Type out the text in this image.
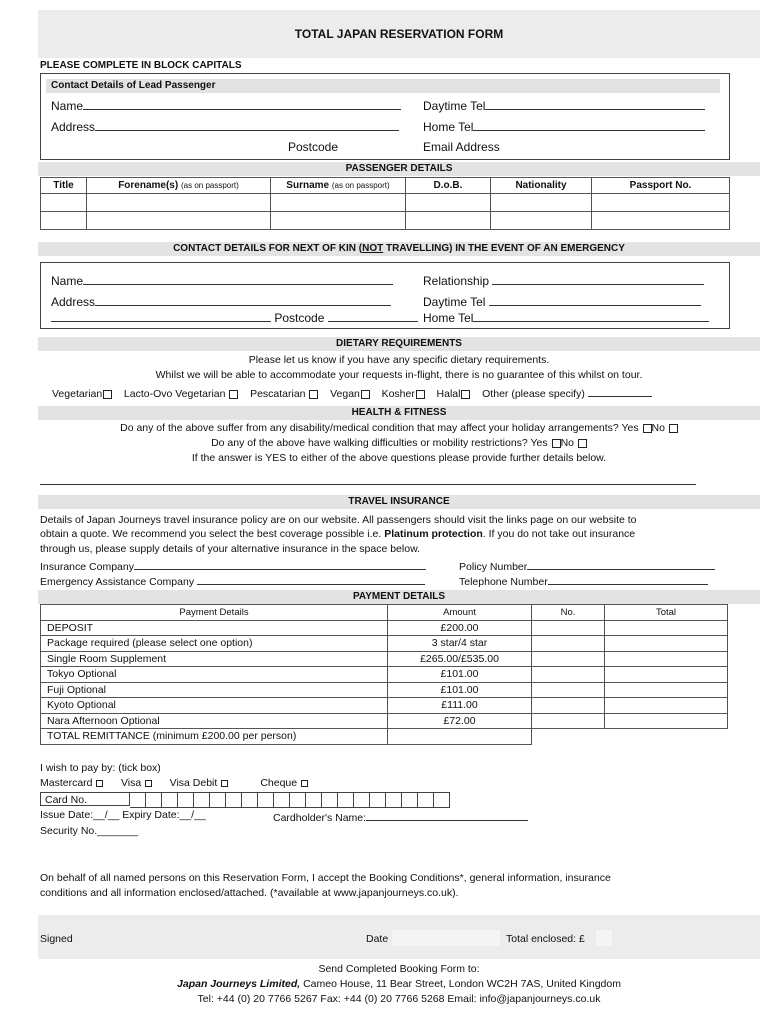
TOTAL JAPAN RESERVATION FORM
PLEASE COMPLETE IN BLOCK CAPITALS
Contact Details of Lead Passenger
Name	Daytime Tel
Address	Home Tel
Postcode	Email Address
PASSENGER DETAILS
Title	Forename(s) (as on passport)	Surname (as on passport)	D.o.B.	Nationality	Passport No.

CONTACT DETAILS FOR NEXT OF KIN (NOT TRAVELLING) IN THE EVENT OF AN EMERGENCY
Name	Relationship
Address	Daytime Tel
Postcode	Home Tel
DIETARY REQUIREMENTS
Please let us know if you have any specific dietary requirements.
Whilst we will be able to accommodate your requests in-flight, there is no guarantee of this whilst on tour.
Vegetarian Lacto-Ovo Vegetarian Pescatarian Vegan Kosher Halal Other (please specify)
HEALTH & FITNESS
Do any of the above suffer from any disability/medical condition that may affect your holiday arrangements? Yes No
Do any of the above have walking difficulties or mobility restrictions? Yes No
If the answer is YES to either of the above questions please provide further details below.
TRAVEL INSURANCE
Details of Japan Journeys travel insurance policy are on our website. All passengers should visit the links page on our website to
obtain a quote. We recommend you select the best coverage possible i.e. Platinum protection. If you do not take out insurance
through us, please supply details of your alternative insurance in the space below.
Insurance Company	Policy Number
Emergency Assistance Company	Telephone Number
PAYMENT DETAILS
Payment Details	Amount	No.	Total
DEPOSIT	£200.00		
Package required (please select one option)	3 star/4 star		
Single Room Supplement	£265.00/£535.00		
Tokyo Optional	£101.00		
Fuji Optional	£101.00		
Kyoto Optional	£111.00		
Nara Afternoon Optional	£72.00		
TOTAL REMITTANCE (minimum £200.00 per person)			
I wish to pay by: (tick box)
Mastercard	Visa	Visa Debit	Cheque
Card No.
Issue Date:__/__ Expiry Date:__/__	Cardholder's Name:
Security No._______
On behalf of all named persons on this Reservation Form, I accept the Booking Conditions*, general information, insurance
conditions and all information enclosed/attached. (*available at www.japanjourneys.co.uk).
Signed	Date	Total enclosed: £
Send Completed Booking Form to:
Japan Journeys Limited, Cameo House, 11 Bear Street, London WC2H 7AS, United Kingdom
Tel: +44 (0) 20 7766 5267 Fax: +44 (0) 20 7766 5268 Email: info@japanjourneys.co.uk
